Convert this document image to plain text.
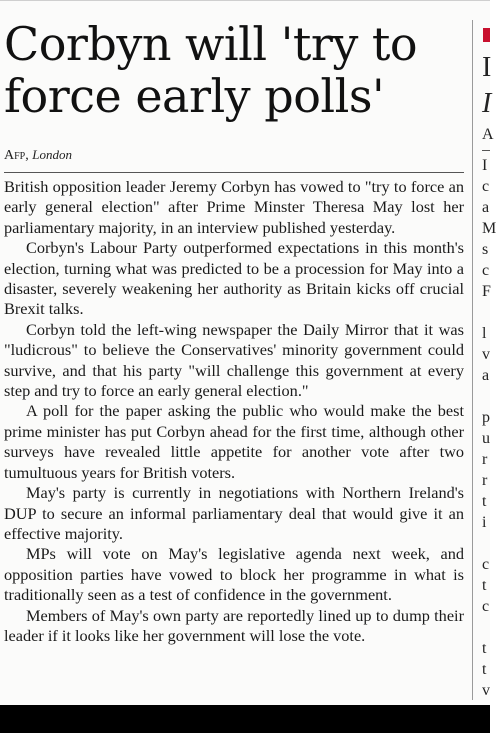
Corbyn will 'try to force early polls'
Afp, London

British opposition leader Jeremy Corbyn has vowed to "try to force an early general election" after Prime Minster Theresa May lost her parliamentary majority, in an interview published yesterday.

Corbyn's Labour Party outperformed expectations in this month's election, turning what was predicted to be a procession for May into a disaster, severely weakening her authority as Britain kicks off crucial Brexit talks.

Corbyn told the left-wing newspaper the Daily Mirror that it was "ludicrous" to believe the Conservatives' minority government could survive, and that his party "will challenge this government at every step and try to force an early general election."

A poll for the paper asking the public who would make the best prime minister has put Corbyn ahead for the first time, although other surveys have revealed little appetite for another vote after two tumultuous years for British voters.

May's party is currently in negotiations with Northern Ireland's DUP to secure an informal parliamentary deal that would give it an effective majority.

MPs will vote on May's legislative agenda next week, and opposition parties have vowed to block her programme in what is traditionally seen as a test of confidence in the government.

Members of May's own party are reportedly lined up to dump their leader if it looks like her government will lose the vote.

I
I
A
I
c
a
M
s
c
F
l
v
a
p
u
r
r
t
i
c
t
c
t
t
v
